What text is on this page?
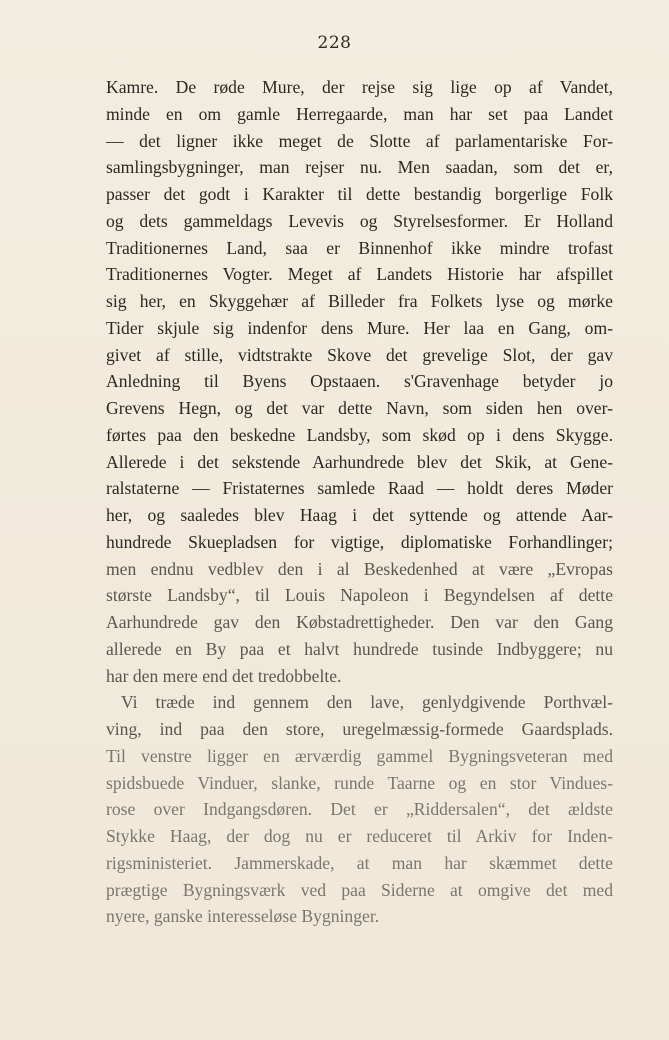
228
Kamre. De røde Mure, der rejse sig lige op af Vandet,
minde en om gamle Herregaarde, man har set paa Landet
— det ligner ikke meget de Slotte af parlamentariske For-
samlingsbygninger, man rejser nu. Men saadan, som det er,
passer det godt i Karakter til dette bestandig borgerlige Folk
og dets gammeldags Levevis og Styrelsesformer. Er Holland
Traditionernes Land, saa er Binnenhof ikke mindre trofast
Traditionernes Vogter. Meget af Landets Historie har afspillet
sig her, en Skyggehær af Billeder fra Folkets lyse og mørke
Tider skjule sig indenfor dens Mure. Her laa en Gang, om-
givet af stille, vidtstrakte Skove det grevelige Slot, der gav
Anledning til Byens Opstaaen. s'Gravenhage betyder jo
Grevens Hegn, og det var dette Navn, som siden hen over-
førtes paa den beskedne Landsby, som skød op i dens Skygge.
Allerede i det sekstende Aarhundrede blev det Skik, at Gene-
ralstaterne — Fristaternes samlede Raad — holdt deres Møder
her, og saaledes blev Haag i det syttende og attende Aar-
hundrede Skuepladsen for vigtige, diplomatiske Forhandlinger;
men endnu vedblev den i al Beskedenhed at være „Evropas
største Landsby“, til Louis Napoleon i Begyndelsen af dette
Aarhundrede gav den Købstadrettigheder. Den var den Gang
allerede en By paa et halvt hundrede tusinde Indbyggere; nu
har den mere end det tredobbelte.
Vi træde ind gennem den lave, genlydgivende Porthvæl-
ving, ind paa den store, uregelmæssig-formede Gaardsplads.
Til venstre ligger en ærværdig gammel Bygningsveteran med
spidsbuede Vinduer, slanke, runde Taarne og en stor Vindues-
rose over Indgangsdøren. Det er „Riddersalen“, det ældste
Stykke Haag, der dog nu er reduceret til Arkiv for Inden-
rigsministeriet. Jammerskade, at man har skæmmet dette
prægtige Bygningsværk ved paa Siderne at omgive det med
nyere, ganske interesseløse Bygninger.
